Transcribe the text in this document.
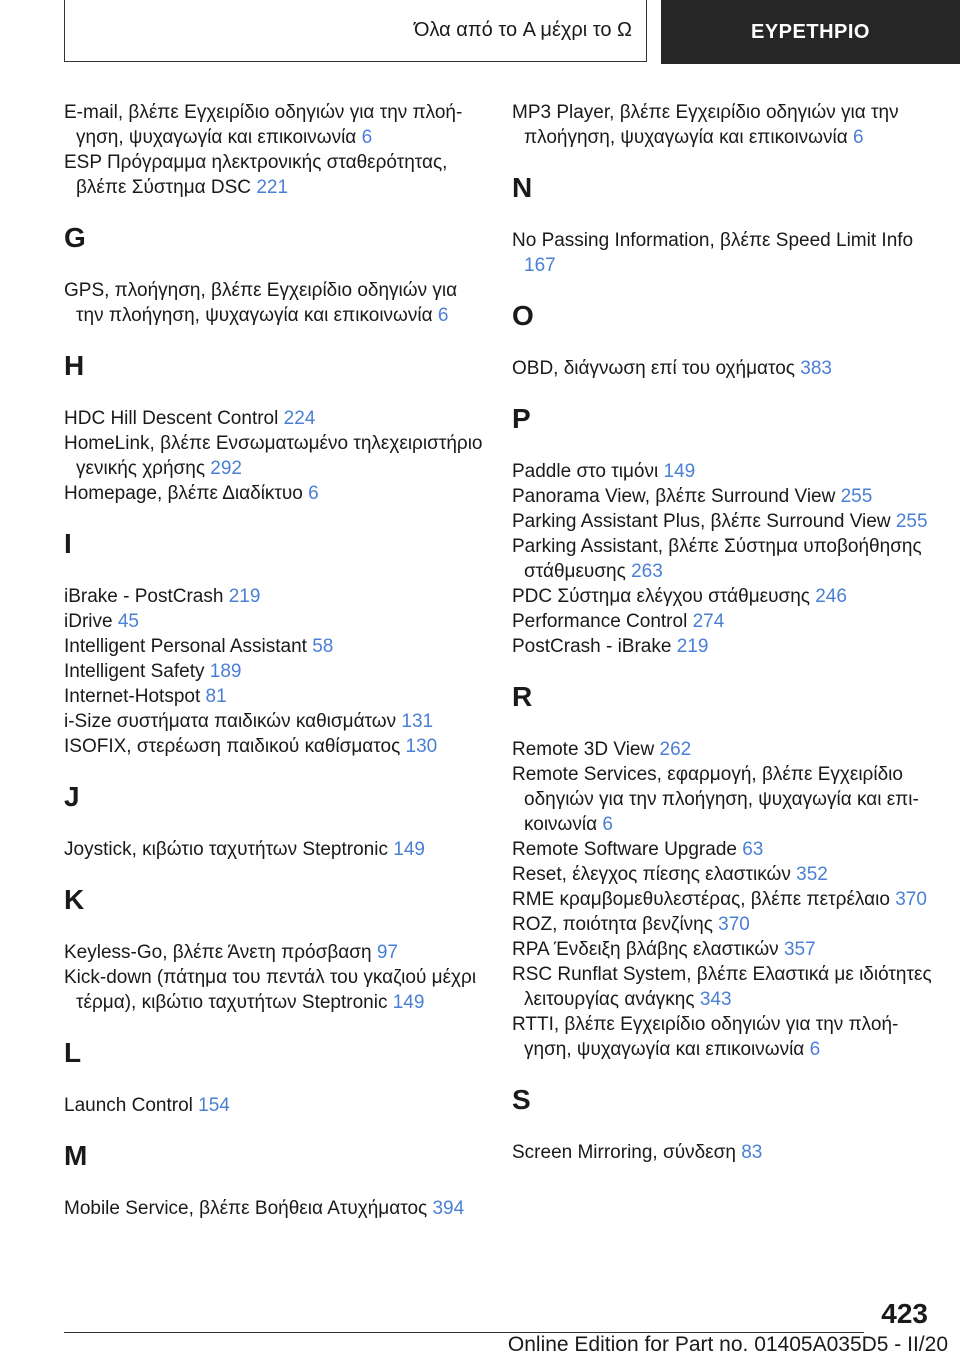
Όλα από το A μέχρι το Ω	ΕΥΡΕΤΗΡΙΟ

E-mail, βλέπε Εγχειρίδιο οδηγιών για την πλοήγηση, ψυχαγωγία και επικοινωνία 6

ESP Πρόγραμμα ηλεκτρονικής σταθερότητας, βλέπε Σύστημα DSC 221

G

GPS, πλοήγηση, βλέπε Εγχειρίδιο οδηγιών για την πλοήγηση, ψυχαγωγία και επικοινωνία 6

H

HDC Hill Descent Control 224

HomeLink, βλέπε Ενσωματωμένο τηλεχειριστήριο γενικής χρήσης 292

Homepage, βλέπε Διαδίκτυο 6

I

iBrake - PostCrash 219

iDrive 45

Intelligent Personal Assistant 58

Intelligent Safety 189

Internet-Hotspot 81

i-Size συστήματα παιδικών καθισμάτων 131

ISOFIX, στερέωση παιδικού καθίσματος 130

J

Joystick, κιβώτιο ταχυτήτων Steptronic 149

K

Keyless-Go, βλέπε Άνετη πρόσβαση 97

Kick-down (πάτημα του πεντάλ του γκαζιού μέχρι τέρμα), κιβώτιο ταχυτήτων Steptronic 149

L

Launch Control 154

M

Mobile Service, βλέπε Βοήθεια Ατυχήματος 394

MP3 Player, βλέπε Εγχειρίδιο οδηγιών για την πλοήγηση, ψυχαγωγία και επικοινωνία 6

N

No Passing Information, βλέπε Speed Limit Info 167

O

OBD, διάγνωση επί του οχήματος 383

P

Paddle στο τιμόνι 149

Panorama View, βλέπε Surround View 255

Parking Assistant Plus, βλέπε Surround View 255

Parking Assistant, βλέπε Σύστημα υποβοήθησης στάθμευσης 263

PDC Σύστημα ελέγχου στάθμευσης 246

Performance Control 274

PostCrash - iBrake 219

R

Remote 3D View 262

Remote Services, εφαρμογή, βλέπε Εγχειρίδιο οδηγιών για την πλοήγηση, ψυχαγωγία και επικοινωνία 6

Remote Software Upgrade 63

Reset, έλεγχος πίεσης ελαστικών 352

RME κραμβομεθυλεστέρας, βλέπε πετρέλαιο 370

ROZ, ποιότητα βενζίνης 370

RPA Ένδειξη βλάβης ελαστικών 357

RSC Runflat System, βλέπε Ελαστικά με ιδιότητες λειτουργίας ανάγκης 343

RTTI, βλέπε Εγχειρίδιο οδηγιών για την πλοήγηση, ψυχαγωγία και επικοινωνία 6

S

Screen Mirroring, σύνδεση 83

423
Online Edition for Part no. 01405A035D5 - II/20
